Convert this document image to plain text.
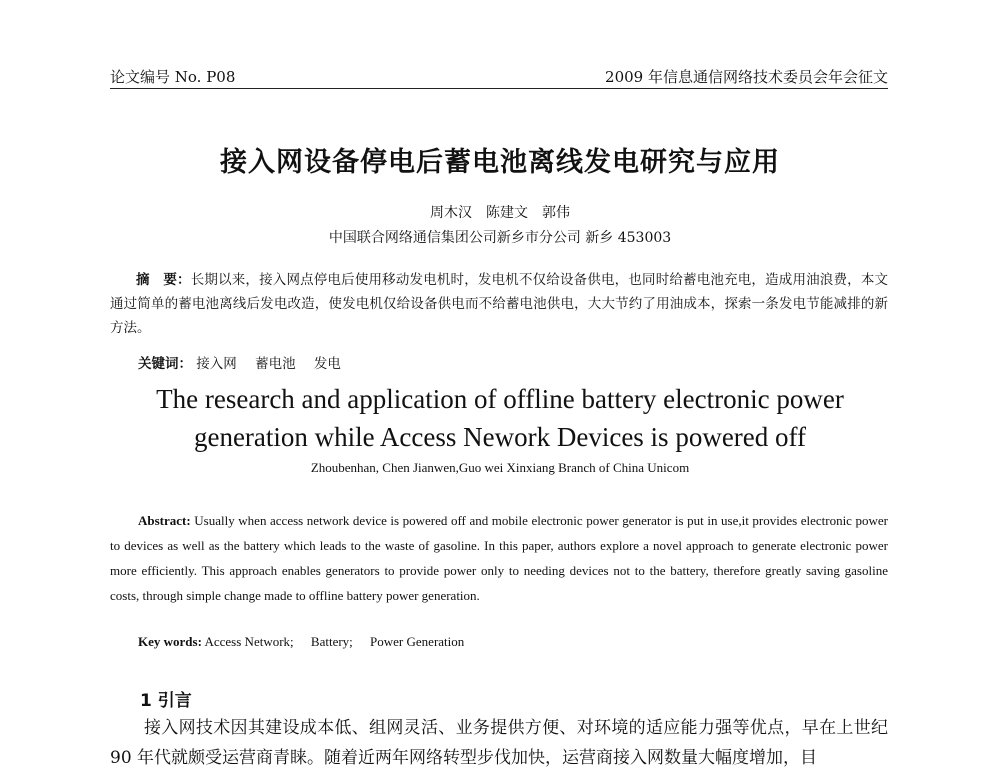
论文编号 No. P08	2009 年信息通信网络技术委员会年会征文
接入网设备停电后蓄电池离线发电研究与应用
周木汉　陈建文　郭伟
中国联合网络通信集团公司新乡市分公司 新乡 453003
摘　要：长期以来，接入网点停电后使用移动发电机时，发电机不仅给设备供电，也同时给蓄电池充电，造成用油浪费，本文通过简单的蓄电池离线后发电改造，使发电机仅给设备供电而不给蓄电池供电，大大节约了用油成本，探索一条发电节能减排的新方法。
关键词： 接入网 蓄电池 发电
The research and application of offline battery electronic power
generation while Access Nework Devices is powered off
Zhoubenhan, Chen Jianwen,Guo wei Xinxiang Branch of China Unicom
Abstract: Usually when access network device is powered off and mobile electronic power generator is put in use,it provides electronic power to devices as well as the battery which leads to the waste of gasoline. In this paper, authors explore a novel approach to generate electronic power more efficiently. This approach enables generators to provide power only to needing devices not to the battery, therefore greatly saving gasoline costs, through simple change made to offline battery power generation.
Key words: Access Network; Battery; Power Generation
1 引言
接入网技术因其建设成本低、组网灵活、业务提供方便、对环境的适应能力强等优点，早在上世纪 90 年代就颇受运营商青睐。随着近两年网络转型步伐加快，运营商接入网数量大幅度增加，目
